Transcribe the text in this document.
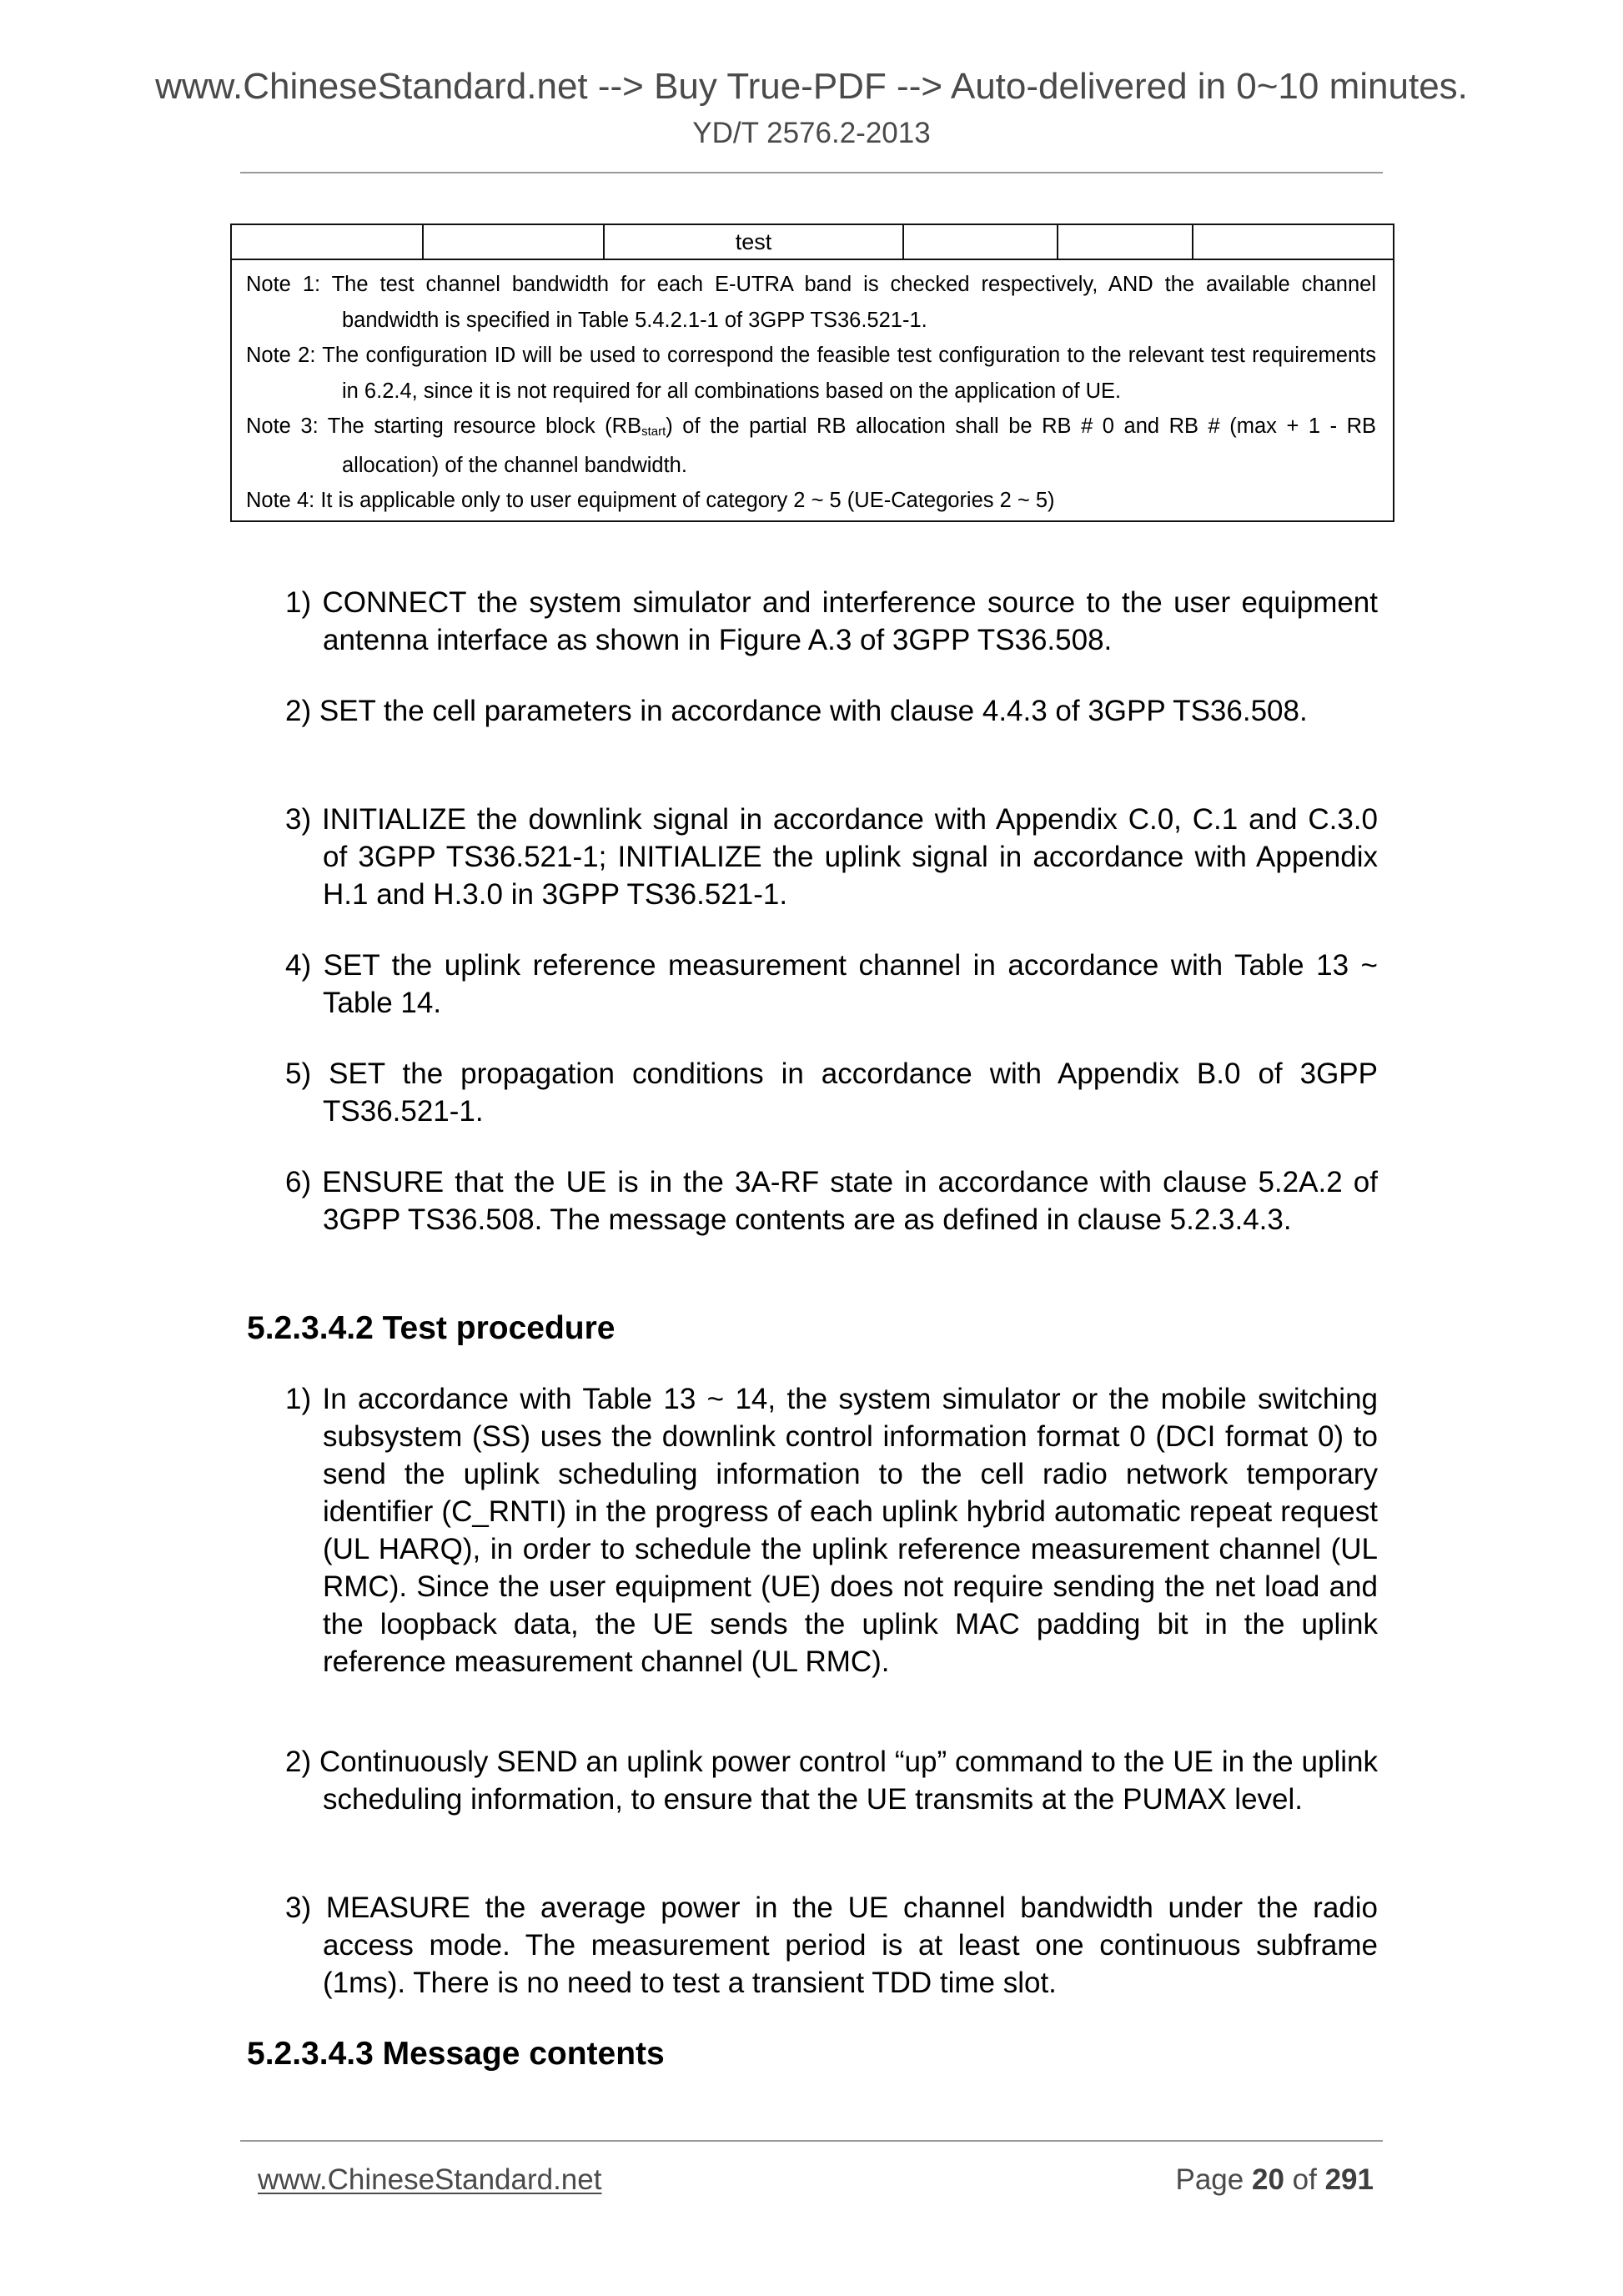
www.ChineseStandard.net --> Buy True-PDF --> Auto-delivered in 0~10 minutes.
YD/T 2576.2-2013
		test			

Note 1: The test channel bandwidth for each E-UTRA band is checked respectively, AND the available channel bandwidth is specified in Table 5.4.2.1-1 of 3GPP TS36.521-1.
Note 2: The configuration ID will be used to correspond the feasible test configuration to the relevant test requirements in 6.2.4, since it is not required for all combinations based on the application of UE.
Note 3: The starting resource block $(RB_{start})$ of the partial RB allocation shall be RB # 0 and RB # (max + 1 - RB allocation) of the channel bandwidth.
Note 4: It is applicable only to user equipment of category 2 ~ 5 (UE-Categories 2 ~ 5)
1) CONNECT the system simulator and interference source to the user equipment antenna interface as shown in Figure A.3 of 3GPP TS36.508.
2) SET the cell parameters in accordance with clause 4.4.3 of 3GPP TS36.508.
3) INITIALIZE the downlink signal in accordance with Appendix C.0, C.1 and C.3.0 of 3GPP TS36.521-1; INITIALIZE the uplink signal in accordance with Appendix H.1 and H.3.0 in 3GPP TS36.521-1.
4) SET the uplink reference measurement channel in accordance with Table 13 ~ Table 14.
5) SET the propagation conditions in accordance with Appendix B.0 of 3GPP TS36.521-1.
6) ENSURE that the UE is in the 3A-RF state in accordance with clause 5.2A.2 of 3GPP TS36.508. The message contents are as defined in clause 5.2.3.4.3.
5.2.3.4.2 Test procedure
1) In accordance with Table 13 ~ 14, the system simulator or the mobile switching subsystem (SS) uses the downlink control information format 0 (DCI format 0) to send the uplink scheduling information to the cell radio network temporary identifier (C_RNTI) in the progress of each uplink hybrid automatic repeat request (UL HARQ), in order to schedule the uplink reference measurement channel (UL RMC). Since the user equipment (UE) does not require sending the net load and the loopback data, the UE sends the uplink MAC padding bit in the uplink reference measurement channel (UL RMC).
2) Continuously SEND an uplink power control “up” command to the UE in the uplink scheduling information, to ensure that the UE transmits at the PUMAX level.
3) MEASURE the average power in the UE channel bandwidth under the radio access mode. The measurement period is at least one continuous subframe (1ms). There is no need to test a transient TDD time slot.
5.2.3.4.3 Message contents
www.ChineseStandard.net	Page 20 of 291
